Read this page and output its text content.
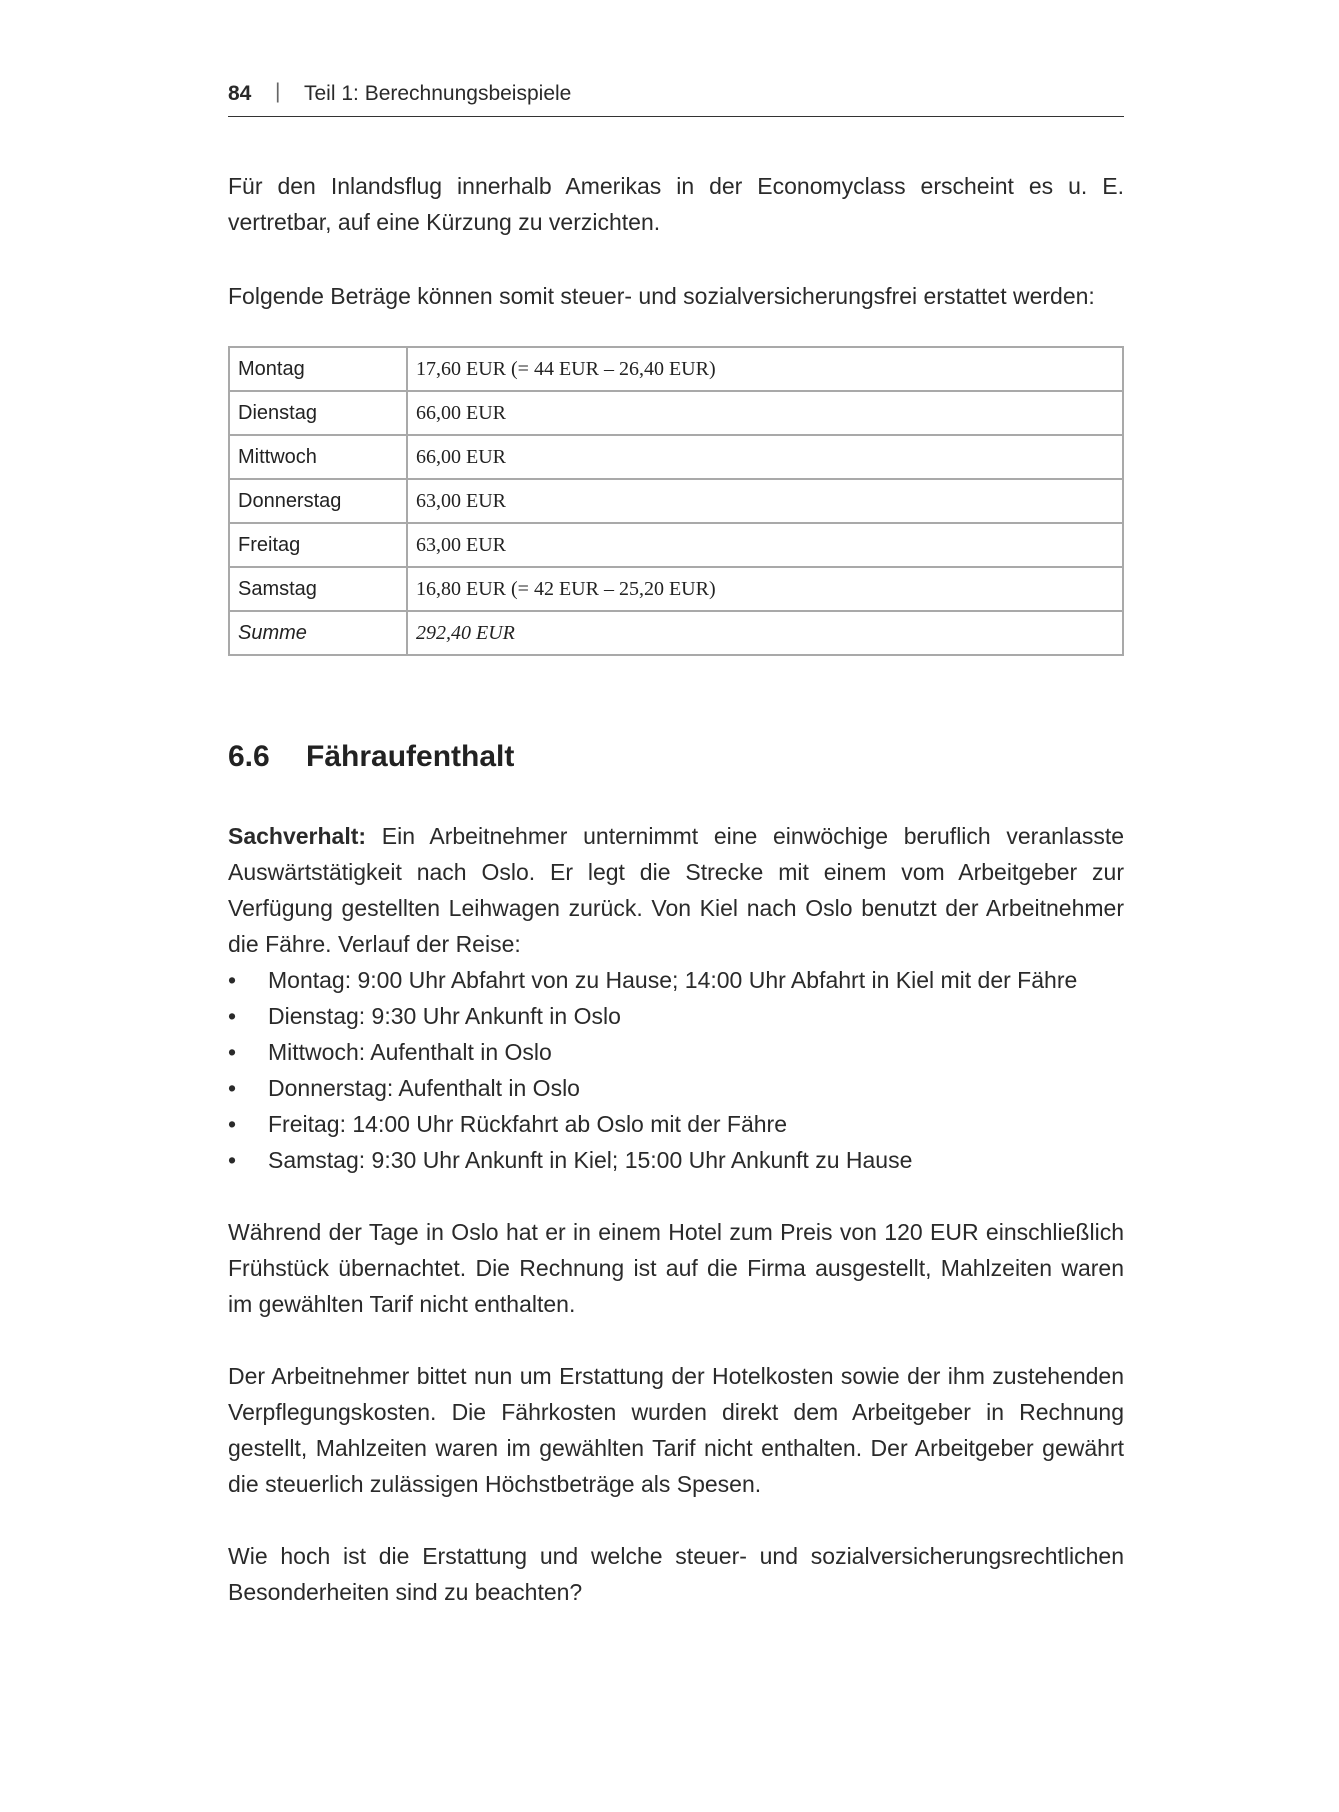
84 | Teil 1: Berechnungsbeispiele

Für den Inlandsflug innerhalb Amerikas in der Economyclass erscheint es u. E. vertretbar, auf eine Kürzung zu verzichten.

Folgende Beträge können somit steuer- und sozialversicherungsfrei erstattet werden:

Montag	17,60 EUR (= 44 EUR – 26,40 EUR)
Dienstag	66,00 EUR
Mittwoch	66,00 EUR
Donnerstag	63,00 EUR
Freitag	63,00 EUR
Samstag	16,80 EUR (= 42 EUR – 25,20 EUR)
Summe	292,40 EUR
6.6 Fähraufenthalt

Sachverhalt: Ein Arbeitnehmer unternimmt eine einwöchige beruflich veranlasste Auswärtstätigkeit nach Oslo. Er legt die Strecke mit einem vom Arbeitgeber zur Verfügung gestellten Leihwagen zurück. Von Kiel nach Oslo benutzt der Arbeitnehmer die Fähre. Verlauf der Reise:

• Montag: 9:00 Uhr Abfahrt von zu Hause; 14:00 Uhr Abfahrt in Kiel mit der Fähre
• Dienstag: 9:30 Uhr Ankunft in Oslo
• Mittwoch: Aufenthalt in Oslo
• Donnerstag: Aufenthalt in Oslo
• Freitag: 14:00 Uhr Rückfahrt ab Oslo mit der Fähre
• Samstag: 9:30 Uhr Ankunft in Kiel; 15:00 Uhr Ankunft zu Hause

Während der Tage in Oslo hat er in einem Hotel zum Preis von 120 EUR einschließlich Frühstück übernachtet. Die Rechnung ist auf die Firma ausgestellt, Mahlzeiten waren im gewählten Tarif nicht enthalten.

Der Arbeitnehmer bittet nun um Erstattung der Hotelkosten sowie der ihm zustehenden Verpflegungskosten. Die Fährkosten wurden direkt dem Arbeitgeber in Rechnung gestellt, Mahlzeiten waren im gewählten Tarif nicht enthalten. Der Arbeitgeber gewährt die steuerlich zulässigen Höchstbeträge als Spesen.

Wie hoch ist die Erstattung und welche steuer- und sozialversicherungsrechtlichen Besonderheiten sind zu beachten?
